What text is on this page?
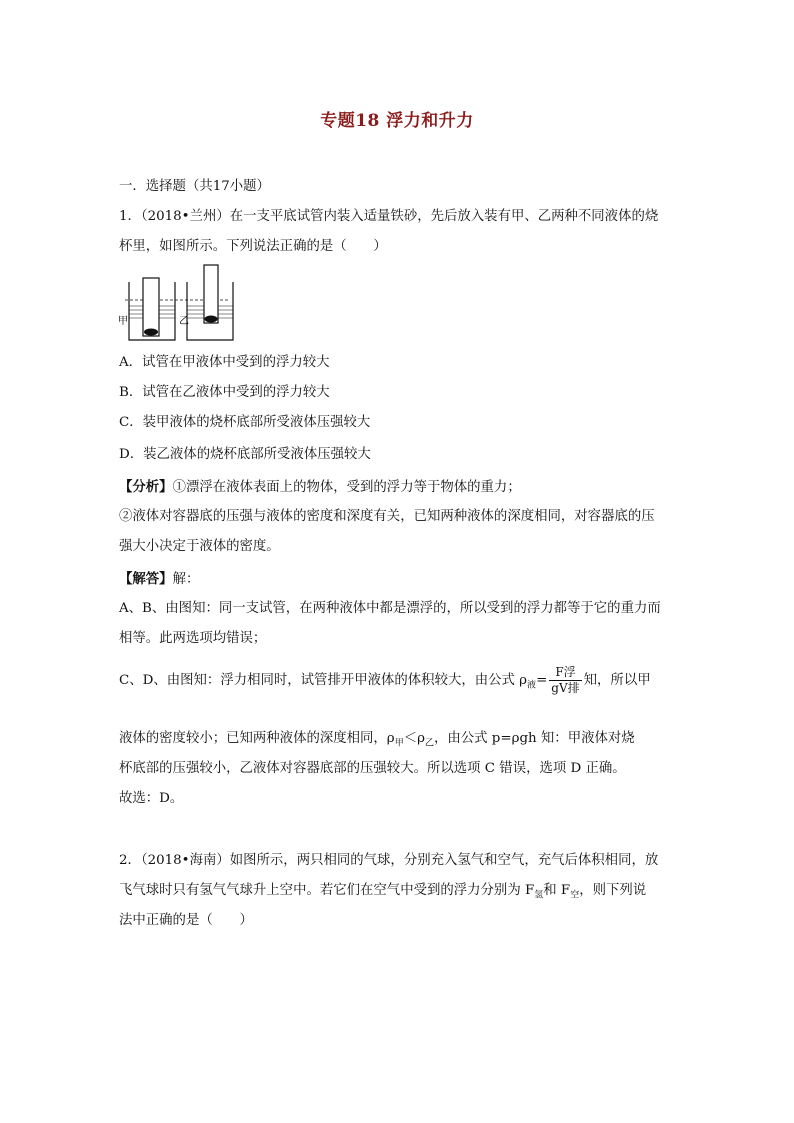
专题18 浮力和升力
一．选择题（共17小题）
1．（2018•兰州）在一支平底试管内装入适量铁砂，先后放入装有甲、乙两种不同液体的烧
杯里，如图所示。下列说法正确的是（　　）
甲	乙
A．试管在甲液体中受到的浮力较大
B．试管在乙液体中受到的浮力较大
C．装甲液体的烧杯底部所受液体压强较大
D．装乙液体的烧杯底部所受液体压强较大
【分析】①漂浮在液体表面上的物体，受到的浮力等于物体的重力；
②液体对容器底的压强与液体的密度和深度有关，已知两种液体的深度相同，对容器底的压
强大小决定于液体的密度。
【解答】解：
A、B、由图知：同一支试管，在两种液体中都是漂浮的，所以受到的浮力都等于它的重力而
相等。此两选项均错误；
C、D、由图知：浮力相同时，试管排开甲液体的体积较大，由公式 $\rho_液= \frac{\text{F浮}}{\text{gV排}}$ 知，所以甲
液体的密度较小；已知两种液体的深度相同，$\rho_甲<\rho_乙$，由公式 p=ρgh 知：甲液体对烧
杯底部的压强较小，乙液体对容器底部的压强较大。所以选项 C 错误，选项 D 正确。
故选：D。
2．（2018•海南）如图所示，两只相同的气球，分别充入氢气和空气，充气后体积相同，放
飞气球时只有氢气气球升上空中。若它们在空气中受到的浮力分别为 $F_氢$和 $F_空$，则下列说
法中正确的是（　　）
